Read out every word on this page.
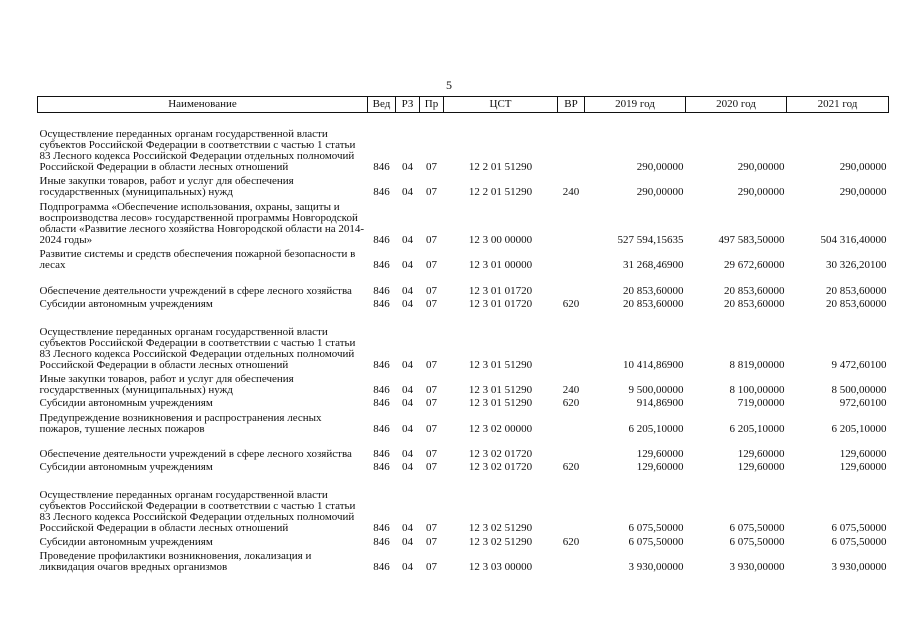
5
Наименование	Вед	РЗ	Пр	ЦСТ	ВР	2019 год	2020 год	2021 год
Осуществление переданных органам государственной власти субъектов Российской Федерации в соответствии с частью 1 статьи 83 Лесного кодекса Российской Федерации отдельных полномочий Российской Федерации в области лесных отношений	846	04	07	12 2 01 51290		290,00000	290,00000	290,00000
Иные закупки товаров, работ и услуг для обеспечения государственных (муниципальных) нужд	846	04	07	12 2 01 51290	240	290,00000	290,00000	290,00000
Подпрограмма «Обеспечение использования, охраны, защиты и воспроизводства лесов» государственной программы Новгородской области «Развитие лесного хозяйства Новгородской области на 2014-2024 годы»	846	04	07	12 3 00 00000		527 594,15635	497 583,50000	504 316,40000
Развитие системы и средств обеспечения пожарной безопасности в лесах	846	04	07	12 3 01 00000		31 268,46900	29 672,60000	30 326,20100
Обеспечение деятельности учреждений в сфере лесного хозяйства	846	04	07	12 3 01 01720		20 853,60000	20 853,60000	20 853,60000
Субсидии автономным учреждениям	846	04	07	12 3 01 01720	620	20 853,60000	20 853,60000	20 853,60000
Осуществление переданных органам государственной власти субъектов Российской Федерации в соответствии с частью 1 статьи 83 Лесного кодекса Российской Федерации отдельных полномочий Российской Федерации в области лесных отношений	846	04	07	12 3 01 51290		10 414,86900	8 819,00000	9 472,60100
Иные закупки товаров, работ и услуг для обеспечения государственных (муниципальных) нужд	846	04	07	12 3 01 51290	240	9 500,00000	8 100,00000	8 500,00000
Субсидии автономным учреждениям	846	04	07	12 3 01 51290	620	914,86900	719,00000	972,60100
Предупреждение возникновения и распространения лесных пожаров, тушение лесных пожаров	846	04	07	12 3 02 00000		6 205,10000	6 205,10000	6 205,10000
Обеспечение деятельности учреждений в сфере лесного хозяйства	846	04	07	12 3 02 01720		129,60000	129,60000	129,60000
Субсидии автономным учреждениям	846	04	07	12 3 02 01720	620	129,60000	129,60000	129,60000
Осуществление переданных органам государственной власти субъектов Российской Федерации в соответствии с частью 1 статьи 83 Лесного кодекса Российской Федерации отдельных полномочий Российской Федерации в области лесных отношений	846	04	07	12 3 02 51290		6 075,50000	6 075,50000	6 075,50000
Субсидии автономным учреждениям	846	04	07	12 3 02 51290	620	6 075,50000	6 075,50000	6 075,50000
Проведение профилактики возникновения, локализация и ликвидация очагов вредных организмов	846	04	07	12 3 03 00000		3 930,00000	3 930,00000	3 930,00000
